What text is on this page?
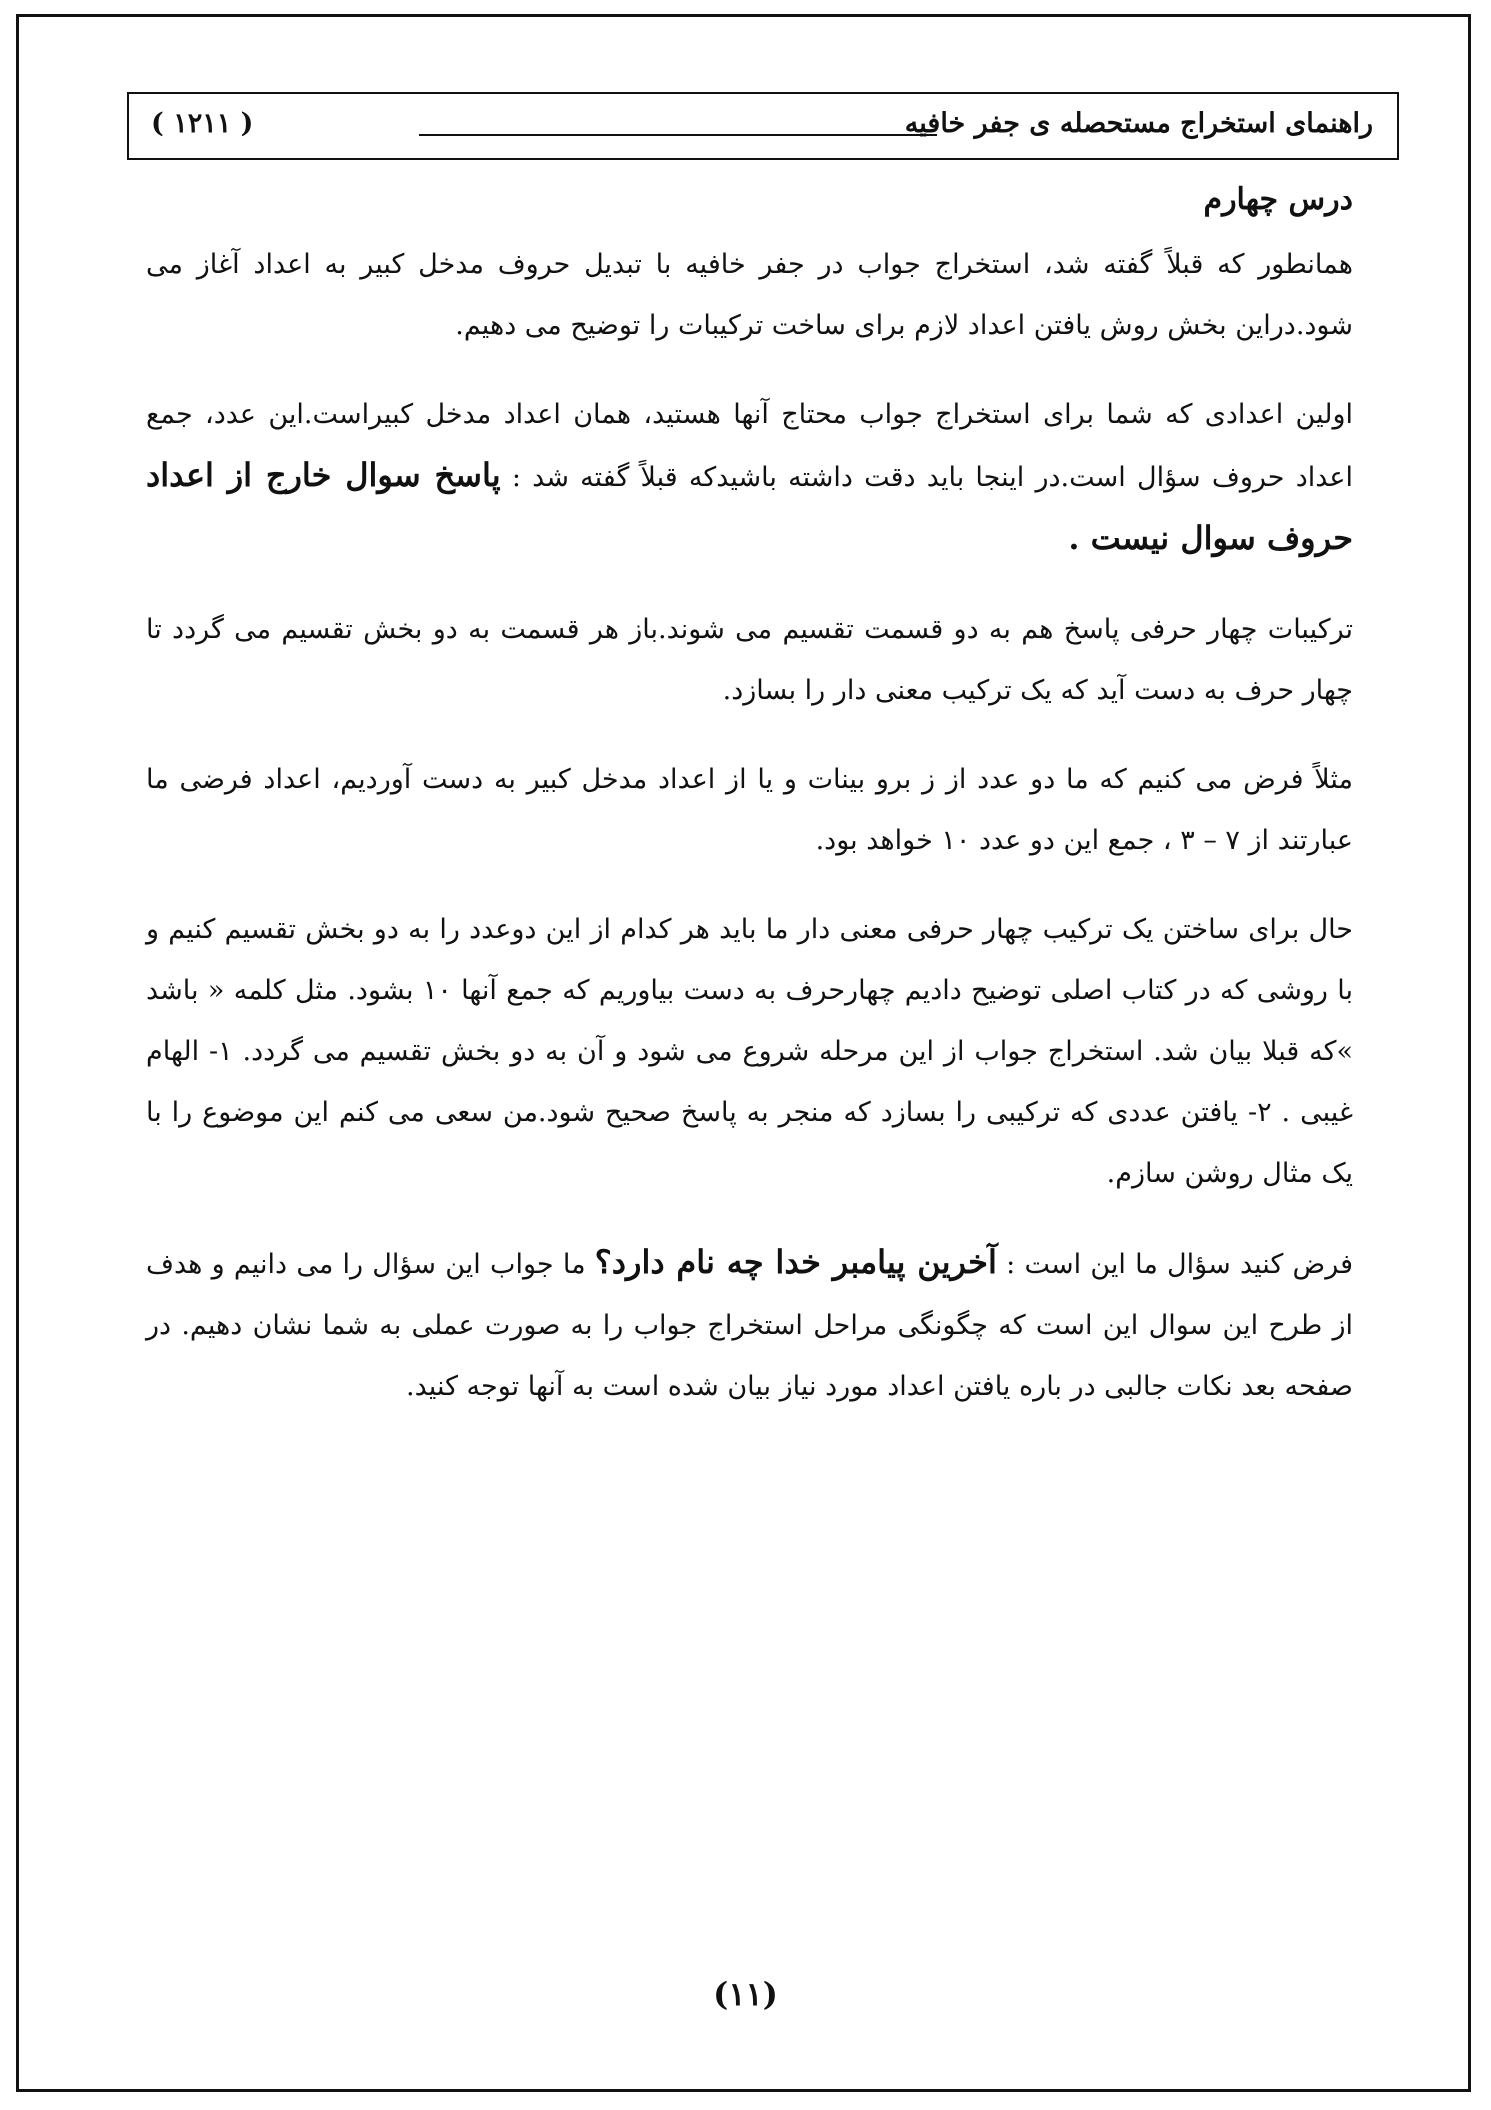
راهنمای استخراج مستحصله ی جفر خافیه
( ۱۲۱۱ )
درس چهارم

همانطور که قبلاً گفته شد، استخراج جواب در جفر خافیه با تبدیل حروف مدخل کبیر به اعداد آغاز می شود.دراین بخش روش یافتن اعداد لازم برای ساخت ترکیبات را توضیح می دهیم.

اولین اعدادی که شما برای استخراج جواب محتاج آنها هستید، همان اعداد مدخل کبیراست.این عدد، جمع اعداد حروف سؤال است.در اینجا باید دقت داشته باشیدکه قبلاً گفته شد : پاسخ سوال خارج از اعداد حروف سوال نیست .

ترکیبات چهار حرفی پاسخ هم به دو قسمت تقسیم می شوند.باز هر قسمت به دو بخش تقسیم می گردد تا چهار حرف به دست آید که یک ترکیب معنی دار را بسازد.

مثلاً فرض می کنیم که ما دو عدد از ز برو بینات و یا از اعداد مدخل کبیر به دست آوردیم، اعداد فرضی ما عبارتند از ۷ – ۳ ، جمع این دو عدد ۱۰ خواهد بود.

حال برای ساختن یک ترکیب چهار حرفی معنی دار ما باید هر کدام از این دوعدد را به دو بخش تقسیم کنیم و با روشی که در کتاب اصلی توضیح دادیم چهارحرف به دست بیاوریم که جمع آنها ۱۰ بشود. مثل کلمه « باشد »که قبلا بیان شد. استخراج جواب از این مرحله شروع می شود و آن به دو بخش تقسیم می گردد. ۱- الهام غیبی . ۲- یافتن عددی که ترکیبی را بسازد که منجر به پاسخ صحیح شود.من سعی می کنم این موضوع را با یک مثال روشن سازم.

فرض کنید سؤال ما این است : آخرین پیامبر خدا چه نام دارد؟ ما جواب این سؤال را می دانیم و هدف از طرح این سوال این است که چگونگی مراحل استخراج جواب را به صورت عملی به شما نشان دهیم. در صفحه بعد نکات جالبی در باره یافتن اعداد مورد نیاز بیان شده است به آنها توجه کنید.

(۱۱)
